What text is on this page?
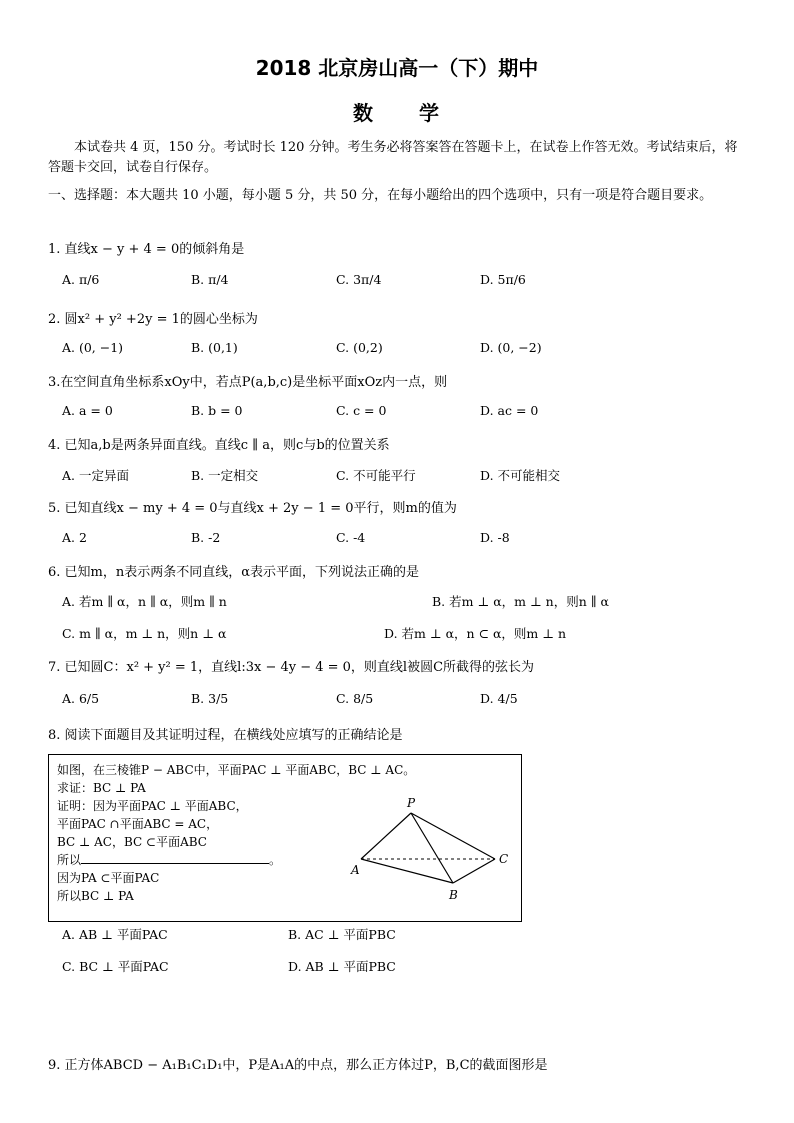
2018 北京房山高一（下）期中
数　　学
本试卷共 4 页，150 分。考试时长 120 分钟。考生务必将答案答在答题卡上，在试卷上作答无效。考试结束后，将答题卡交回，试卷自行保存。
一、选择题：本大题共 10 小题，每小题 5 分，共 50 分，在每小题给出的四个选项中，只有一项是符合题目要求。
1. 直线x − y + 4 = 0的倾斜角是
A. π/6	B. π/4	C. 3π/4	D. 5π/6
2. 圆x² + y² +2y = 1的圆心坐标为
A. (0, −1)	B. (0,1)	C. (0,2)	D. (0, −2)
3.在空间直角坐标系xOy中，若点P(a,b,c)是坐标平面xOz内一点，则
A. a = 0	B. b = 0	C. c = 0	D. ac = 0
4. 已知a,b是两条异面直线。直线c ∥ a，则c与b的位置关系
A. 一定异面	B. 一定相交	C. 不可能平行	D. 不可能相交
5. 已知直线x − my + 4 = 0与直线x + 2y − 1 = 0平行，则m的值为
A. 2	B. -2	C. -4	D. -8
6. 已知m，n表示两条不同直线，α表示平面，下列说法正确的是
A. 若m ∥ α，n ∥ α，则m ∥ n	B. 若m ⊥ α，m ⊥ n，则n ∥ α
C. m ∥ α，m ⊥ n，则n ⊥ α	D. 若m ⊥ α，n ⊂ α，则m ⊥ n
7. 已知圆C：x² + y² = 1，直线l:3x − 4y − 4 = 0，则直线l被圆C所截得的弦长为
A. 6/5	B. 3/5	C. 8/5	D. 4/5
8. 阅读下面题目及其证明过程，在横线处应填写的正确结论是
如图，在三棱锥P − ABC中，平面PAC ⊥ 平面ABC，BC ⊥ AC。
求证：BC ⊥ PA
证明：因为平面PAC ⊥ 平面ABC，
平面PAC ∩平面ABC = AC，
BC ⊥ AC，BC ⊂平面ABC
所以	。
因为PA ⊂平面PAC
所以BC ⊥ PA
P
A
B
C
A. AB ⊥ 平面PAC	B. AC ⊥ 平面PBC
C. BC ⊥ 平面PAC	D. AB ⊥ 平面PBC
9. 正方体ABCD − A₁B₁C₁D₁中，P是A₁A的中点，那么正方体过P，B,C的截面图形是
